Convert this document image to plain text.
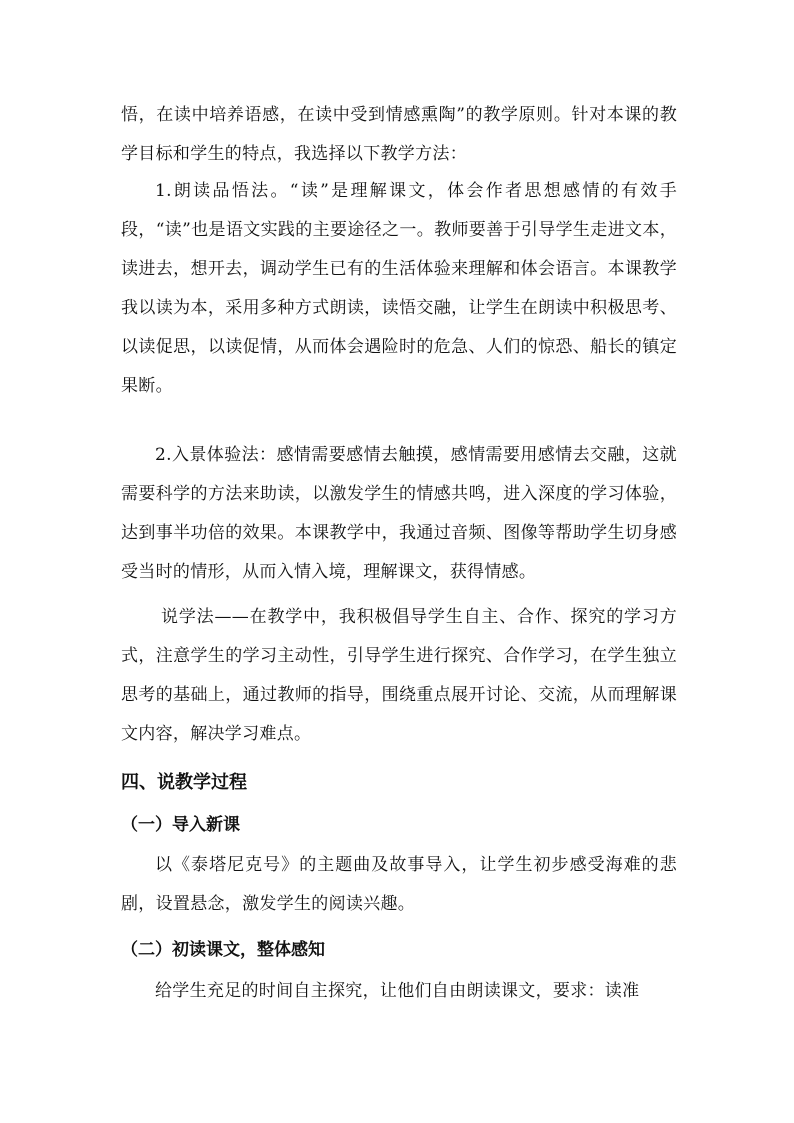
悟，在读中培养语感，在读中受到情感熏陶”的教学原则。针对本课的教学目标和学生的特点，我选择以下教学方法：

1.朗读品悟法。“读”是理解课文，体会作者思想感情的有效手段，“读”也是语文实践的主要途径之一。教师要善于引导学生走进文本，读进去，想开去，调动学生已有的生活体验来理解和体会语言。本课教学我以读为本，采用多种方式朗读，读悟交融，让学生在朗读中积极思考、以读促思，以读促情，从而体会遇险时的危急、人们的惊恐、船长的镇定果断。

2.入景体验法：感情需要感情去触摸，感情需要用感情去交融，这就需要科学的方法来助读，以激发学生的情感共鸣，进入深度的学习体验，达到事半功倍的效果。本课教学中，我通过音频、图像等帮助学生切身感受当时的情形，从而入情入境，理解课文，获得情感。

说学法——在教学中，我积极倡导学生自主、合作、探究的学习方式，注意学生的学习主动性，引导学生进行探究、合作学习，在学生独立思考的基础上，通过教师的指导，围绕重点展开讨论、交流，从而理解课文内容，解决学习难点。

四、说教学过程
（一）导入新课

以《泰塔尼克号》的主题曲及故事导入，让学生初步感受海难的悲剧，设置悬念，激发学生的阅读兴趣。

（二）初读课文，整体感知

给学生充足的时间自主探究，让他们自由朗读课文，要求：读准
